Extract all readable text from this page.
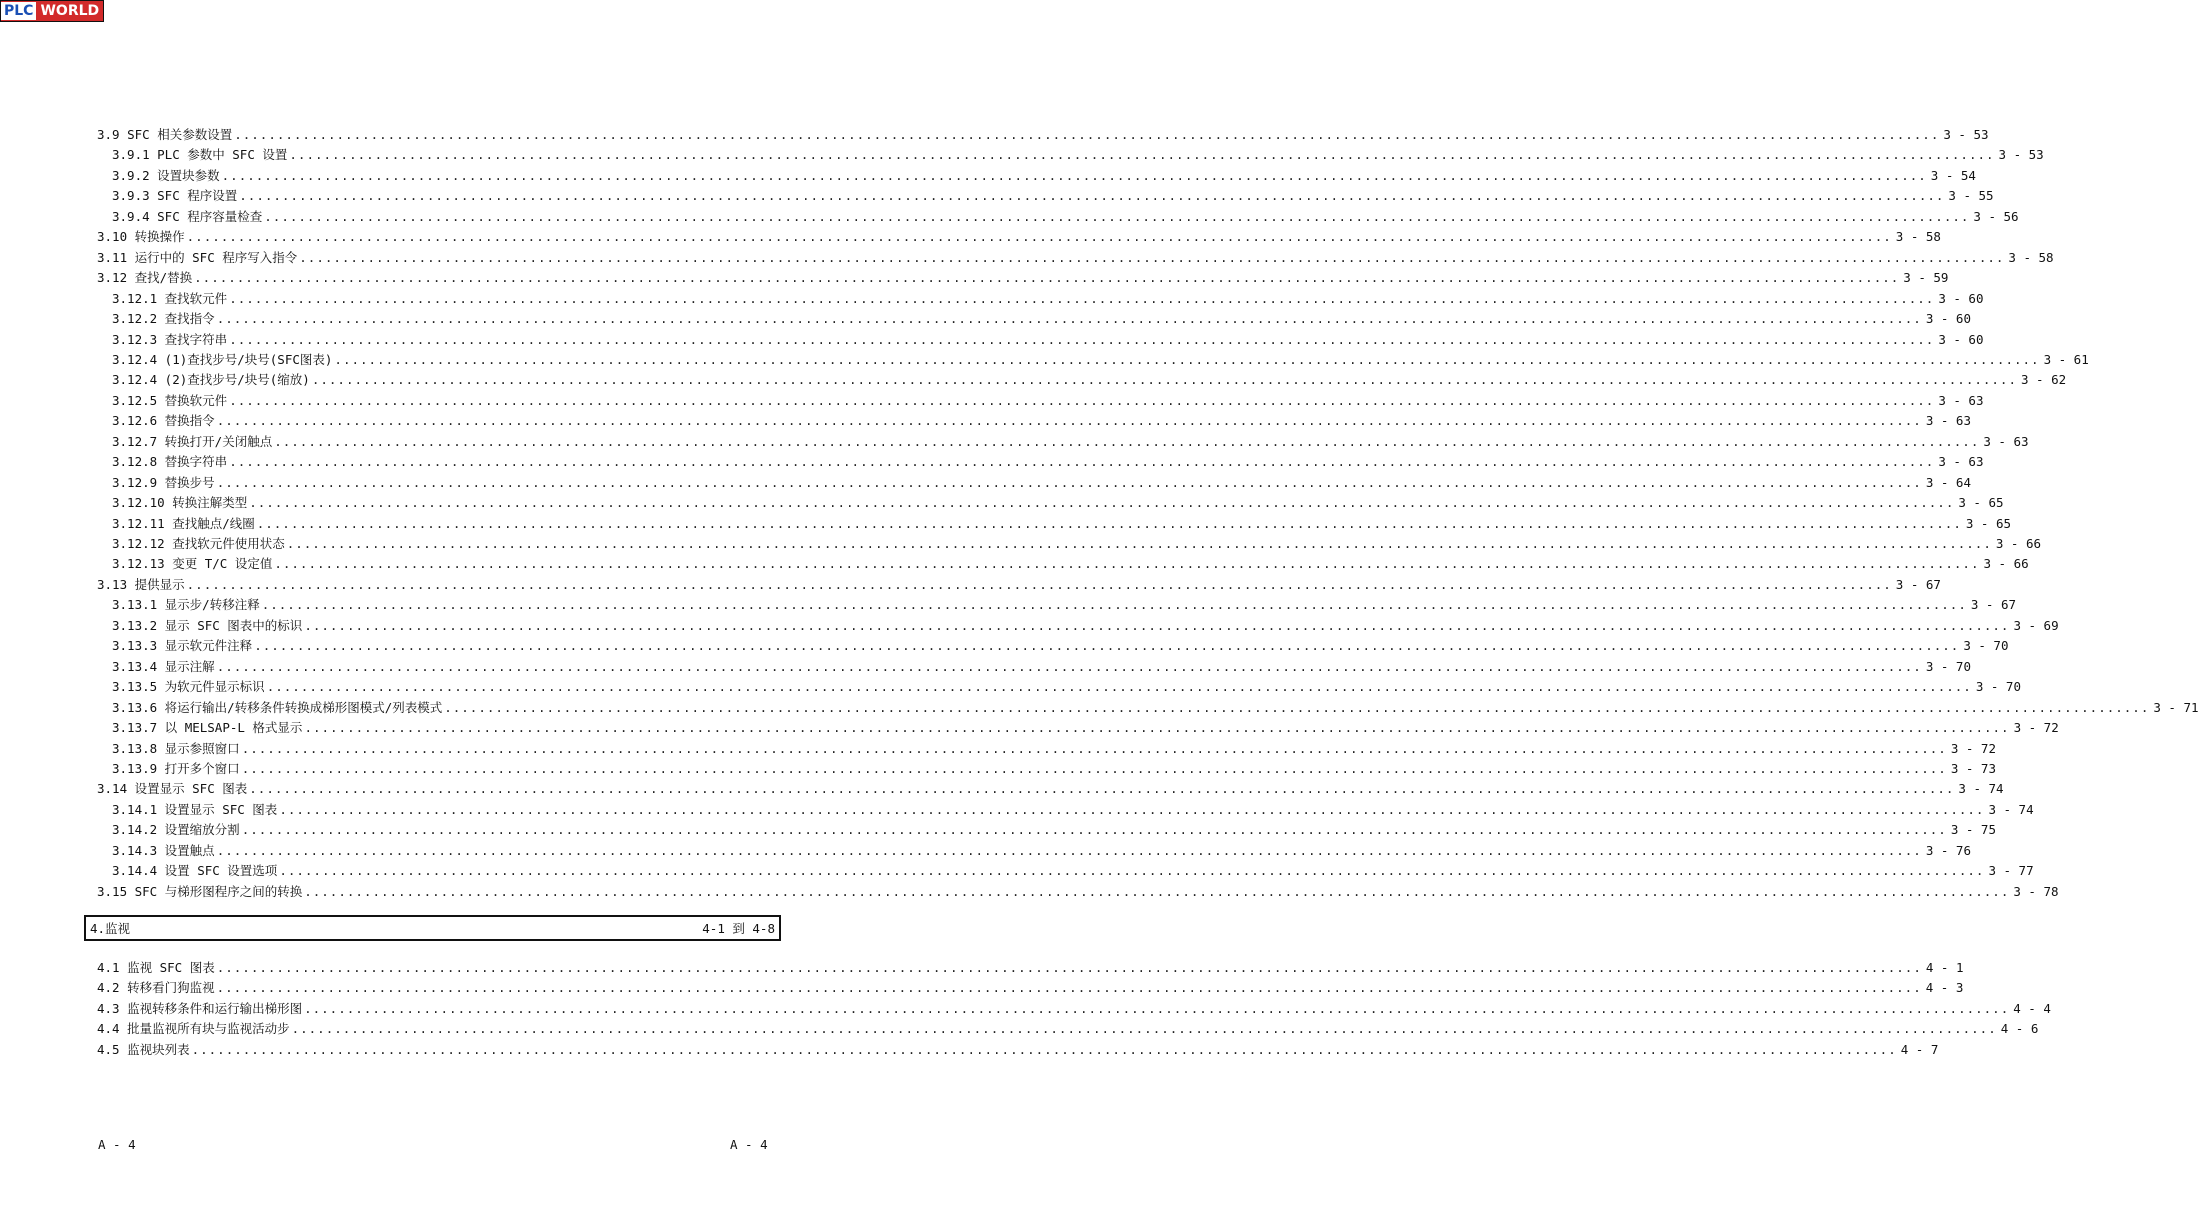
PLC WORLD
3.9 SFC 相关参数设置 ........................................................................................................................................................................................................ 3 - 53
3.9.1 PLC 参数中 SFC 设置 ........................................................................................................................................................................................................ 3 - 53
3.9.2 设置块参数 ........................................................................................................................................................................................................ 3 - 54
3.9.3 SFC 程序设置 ........................................................................................................................................................................................................ 3 - 55
3.9.4 SFC 程序容量检查 ........................................................................................................................................................................................................ 3 - 56
3.10 转换操作 ........................................................................................................................................................................................................ 3 - 58
3.11 运行中的 SFC 程序写入指令 ........................................................................................................................................................................................................ 3 - 58
3.12 查找/替换 ........................................................................................................................................................................................................ 3 - 59
3.12.1 查找软元件 ........................................................................................................................................................................................................ 3 - 60
3.12.2 查找指令 ........................................................................................................................................................................................................ 3 - 60
3.12.3 查找字符串 ........................................................................................................................................................................................................ 3 - 60
3.12.4 (1)查找步号/块号(SFC图表) ........................................................................................................................................................................................................ 3 - 61
3.12.4 (2)查找步号/块号(缩放) ........................................................................................................................................................................................................ 3 - 62
3.12.5 替换软元件 ........................................................................................................................................................................................................ 3 - 63
3.12.6 替换指令 ........................................................................................................................................................................................................ 3 - 63
3.12.7 转换打开/关闭触点 ........................................................................................................................................................................................................ 3 - 63
3.12.8 替换字符串 ........................................................................................................................................................................................................ 3 - 63
3.12.9 替换步号 ........................................................................................................................................................................................................ 3 - 64
3.12.10 转换注解类型 ........................................................................................................................................................................................................ 3 - 65
3.12.11 查找触点/线圈 ........................................................................................................................................................................................................ 3 - 65
3.12.12 查找软元件使用状态 ........................................................................................................................................................................................................ 3 - 66
3.12.13 变更 T/C 设定值 ........................................................................................................................................................................................................ 3 - 66
3.13 提供显示 ........................................................................................................................................................................................................ 3 - 67
3.13.1 显示步/转移注释 ........................................................................................................................................................................................................ 3 - 67
3.13.2 显示 SFC 图表中的标识 ........................................................................................................................................................................................................ 3 - 69
3.13.3 显示软元件注释 ........................................................................................................................................................................................................ 3 - 70
3.13.4 显示注解 ........................................................................................................................................................................................................ 3 - 70
3.13.5 为软元件显示标识 ........................................................................................................................................................................................................ 3 - 70
3.13.6 将运行输出/转移条件转换成梯形图模式/列表模式 ........................................................................................................................................................................................................ 3 - 71
3.13.7 以 MELSAP-L 格式显示 ........................................................................................................................................................................................................ 3 - 72
3.13.8 显示参照窗口 ........................................................................................................................................................................................................ 3 - 72
3.13.9 打开多个窗口 ........................................................................................................................................................................................................ 3 - 73
3.14 设置显示 SFC 图表 ........................................................................................................................................................................................................ 3 - 74
3.14.1 设置显示 SFC 图表 ........................................................................................................................................................................................................ 3 - 74
3.14.2 设置缩放分割 ........................................................................................................................................................................................................ 3 - 75
3.14.3 设置触点 ........................................................................................................................................................................................................ 3 - 76
3.14.4 设置 SFC 设置选项 ........................................................................................................................................................................................................ 3 - 77
3.15 SFC 与梯形图程序之间的转换 ........................................................................................................................................................................................................ 3 - 78
4.监视	4-1 到 4-8
4.1 监视 SFC 图表 ........................................................................................................................................................................................................ 4 - 1
4.2 转移看门狗监视 ........................................................................................................................................................................................................ 4 - 3
4.3 监视转移条件和运行输出梯形图 ........................................................................................................................................................................................................ 4 - 4
4.4 批量监视所有块与监视活动步 ........................................................................................................................................................................................................ 4 - 6
4.5 监视块列表 ........................................................................................................................................................................................................ 4 - 7
A - 4	A - 4
